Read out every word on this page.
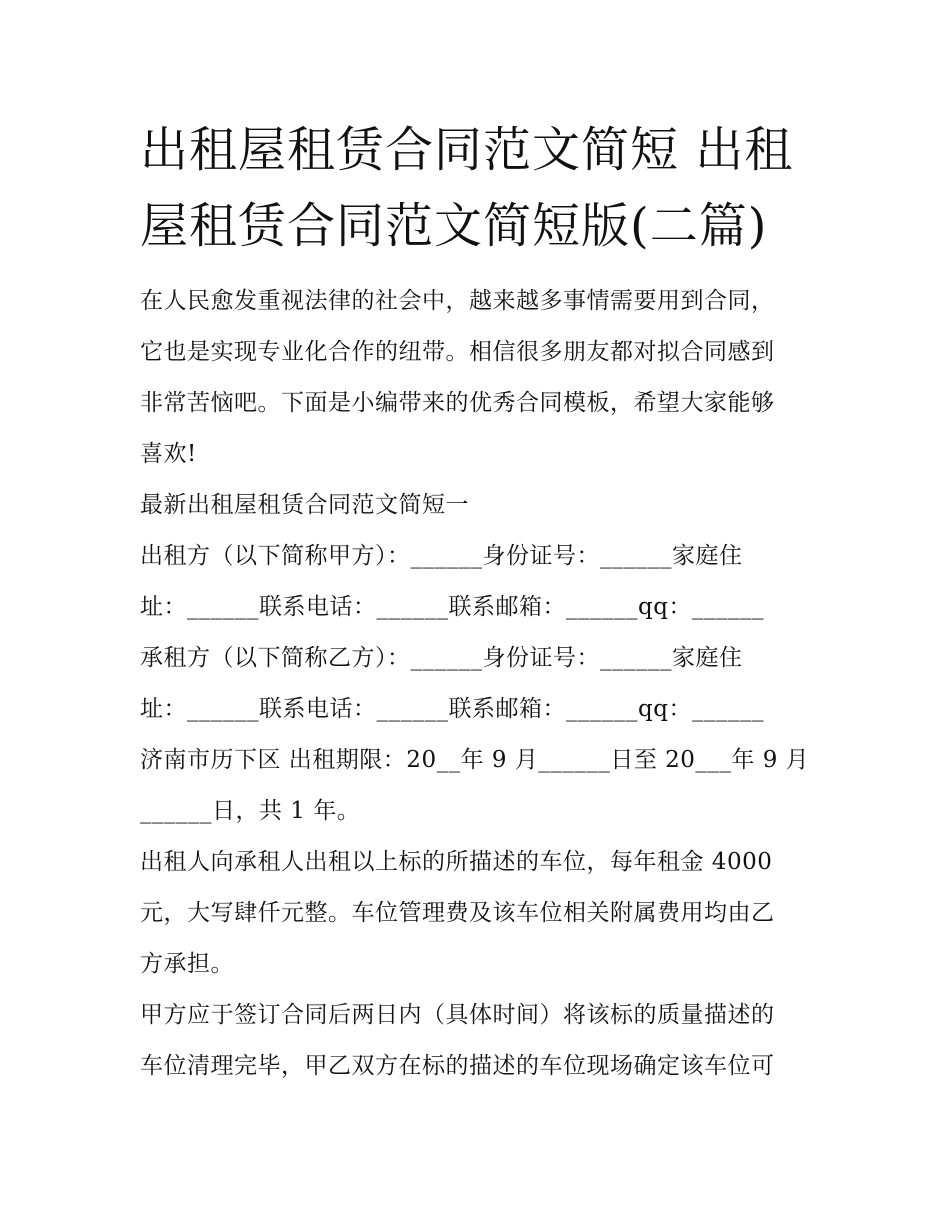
出租屋租赁合同范文简短 出租
屋租赁合同范文简短版(二篇)
在人民愈发重视法律的社会中，越来越多事情需要用到合同，
它也是实现专业化合作的纽带。相信很多朋友都对拟合同感到
非常苦恼吧。下面是小编带来的优秀合同模板，希望大家能够
喜欢!
最新出租屋租赁合同范文简短一
出租方（以下简称甲方）：______身份证号：______家庭住
址：______联系电话：______联系邮箱：______qq：______
承租方（以下简称乙方）：______身份证号：______家庭住
址：______联系电话：______联系邮箱：______qq：______
济南市历下区 出租期限：20__年 9 月______日至 20___年 9 月
______日，共 1 年。
出租人向承租人出租以上标的所描述的车位，每年租金 4000
元，大写肆仟元整。车位管理费及该车位相关附属费用均由乙
方承担。
甲方应于签订合同后两日内（具体时间）将该标的质量描述的
车位清理完毕，甲乙双方在标的描述的车位现场确定该车位可
